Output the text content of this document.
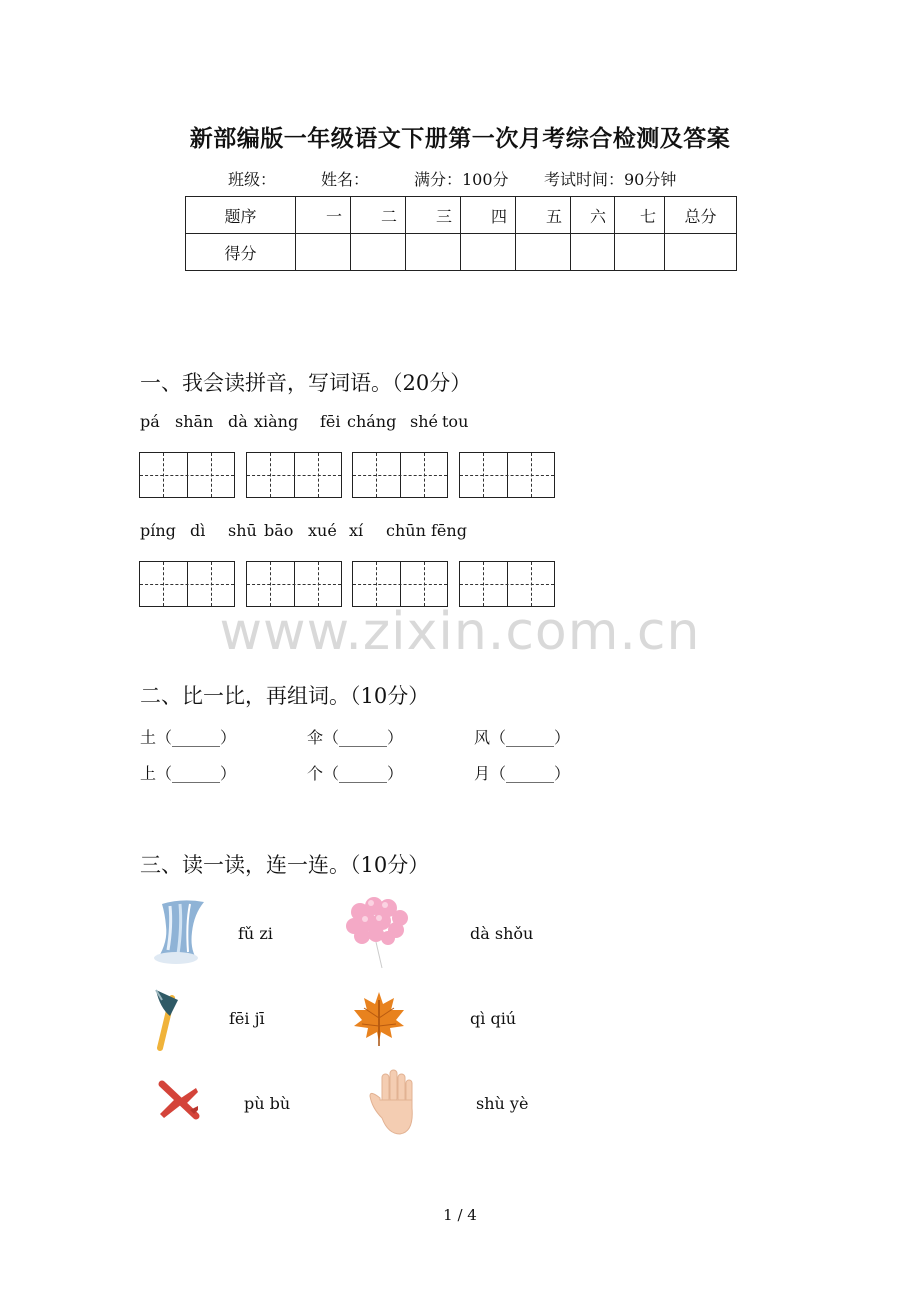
新部编版一年级语文下册第一次月考综合检测及答案
班级：	姓名：	满分：100分 考试时间：90分钟
题序	一	二	三	四	五	六	七	总分
得分								
一、我会读拼音，写词语。（20分）
pá shān dà xiàng fēi cháng shé tou
píng dì shū bāo xué xí chūn fēng
www.zixin.com.cn
二、比一比，再组词。（10分）
土（______）	伞（______）	风（______）
上（______）	个（______）	月（______）
三、读一读，连一连。（10分）
fǔ zi	dà shǒu
fēi jī	qì qiú
pù bù	shù yè
1 / 4
